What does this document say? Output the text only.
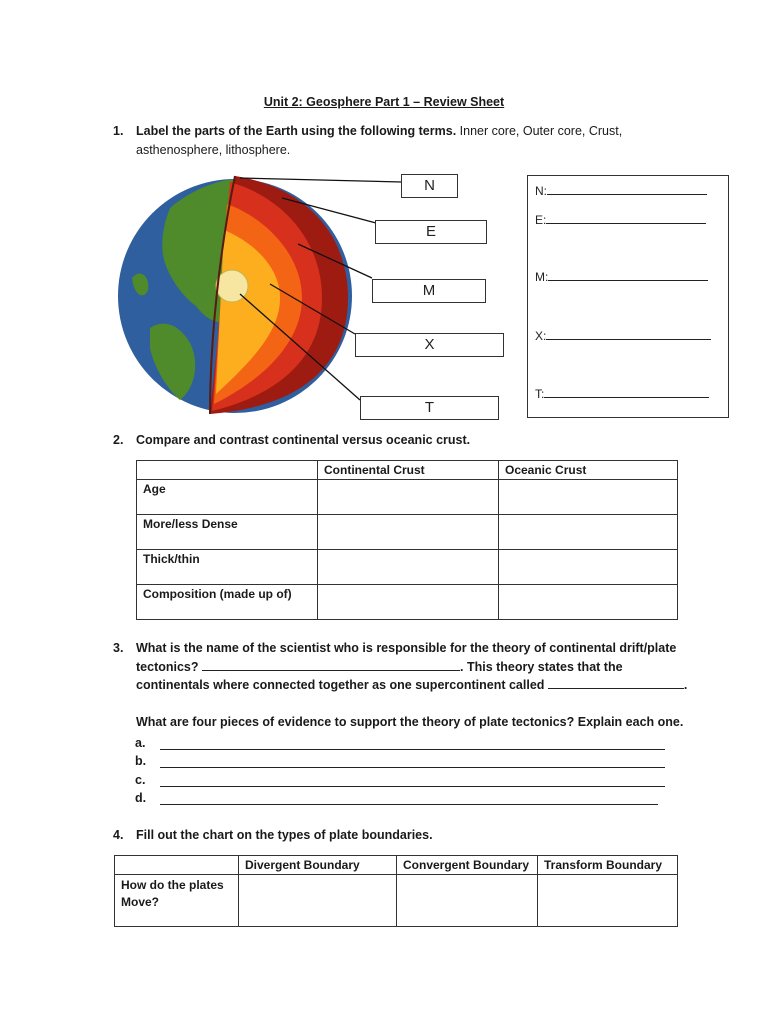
Unit 2: Geosphere Part 1 – Review Sheet
1. Label the parts of the Earth using the following terms. Inner core, Outer core, Crust,
asthenosphere, lithosphere.
N
E
M
X
T
N:
E:
M:
X:
T:
2. Compare and contrast continental versus oceanic crust.
	Continental Crust	Oceanic Crust
Age		
More/less Dense		
Thick/thin		
Composition (made up of)		
3. What is the name of the scientist who is responsible for the theory of continental drift/plate
tectonics?	. This theory states that the
continentals where connected together as one supercontinent called	.
What are four pieces of evidence to support the theory of plate tectonics? Explain each one.
a.
b.
c.
d.
4. Fill out the chart on the types of plate boundaries.
	Divergent Boundary	Convergent Boundary	Transform Boundary
How do the plates Move?			
